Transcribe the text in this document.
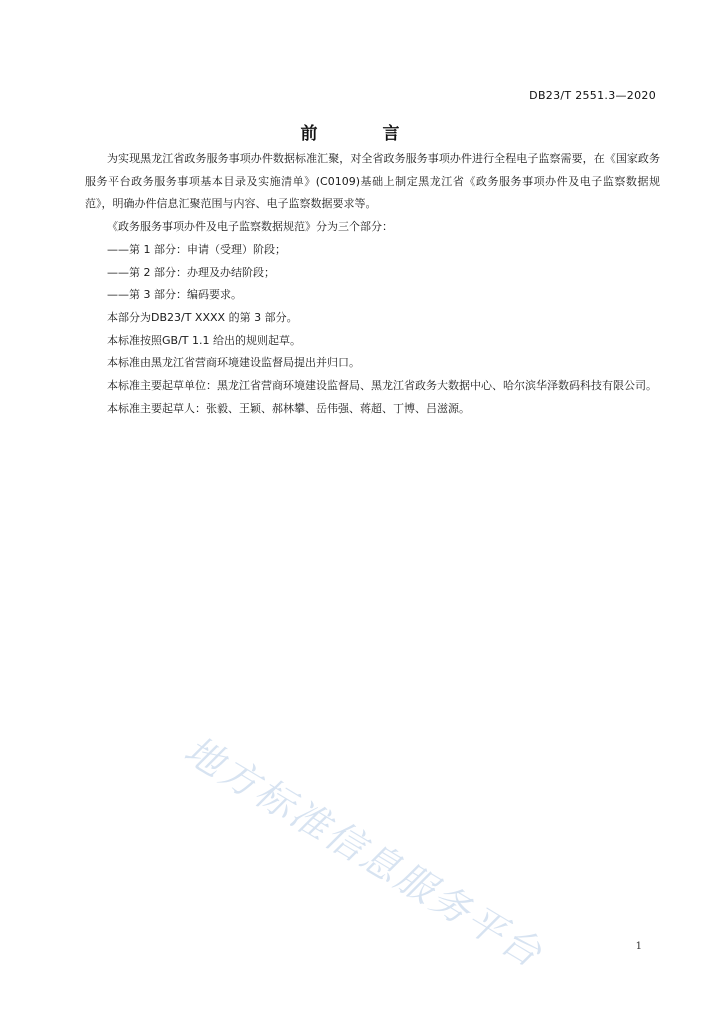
DB23/T 2551.3—2020
前　言

为实现黑龙江省政务服务事项办件数据标准汇聚，对全省政务服务事项办件进行全程电子监察需要，在《国家政务服务平台政务服务事项基本目录及实施清单》(C0109)基础上制定黑龙江省《政务服务事项办件及电子监察数据规范》，明确办件信息汇聚范围与内容、电子监察数据要求等。

《政务服务事项办件及电子监察数据规范》分为三个部分：

——第 1 部分：申请（受理）阶段；

——第 2 部分：办理及办结阶段；

——第 3 部分：编码要求。

本部分为DB23/T XXXX 的第 3 部分。

本标准按照GB/T 1.1 给出的规则起草。

本标准由黑龙江省营商环境建设监督局提出并归口。

本标准主要起草单位：黑龙江省营商环境建设监督局、黑龙江省政务大数据中心、哈尔滨华泽数码科技有限公司。

本标准主要起草人：张毅、王颖、郝林攀、岳伟强、蒋超、丁博、吕滋源。

地方标准信息服务平台	1
